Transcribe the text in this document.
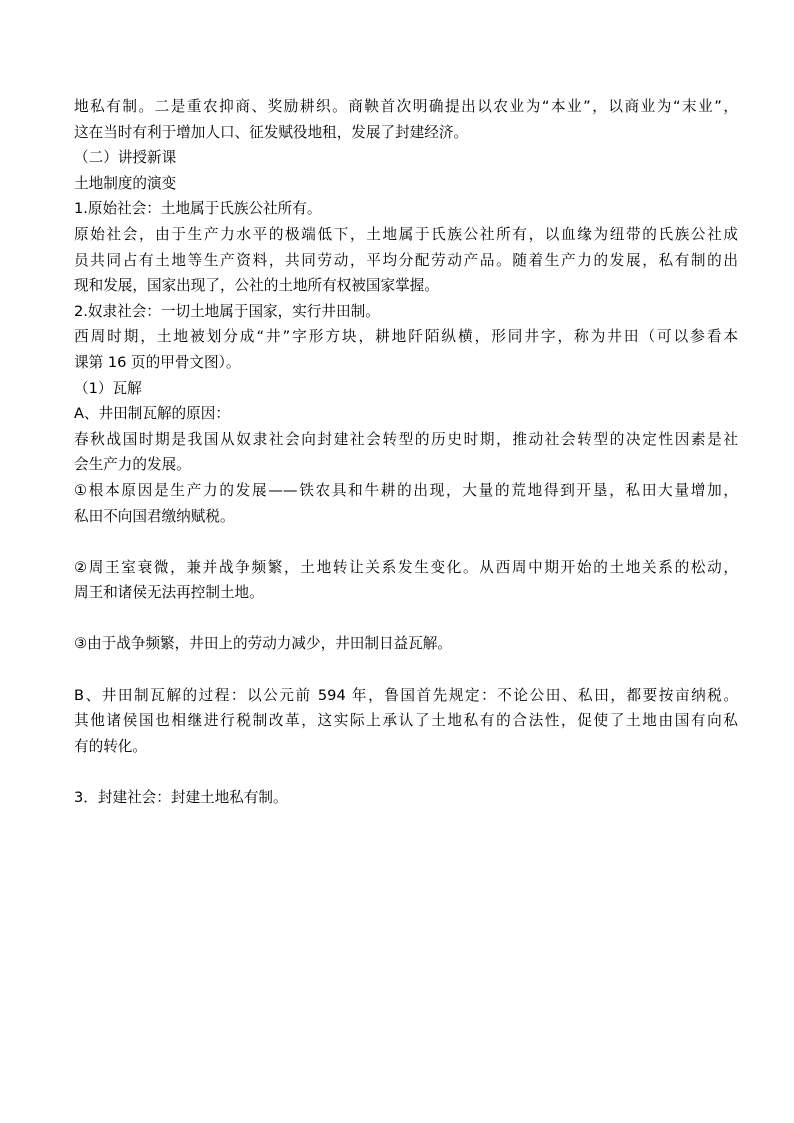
地私有制。二是重农抑商、奖励耕织。商鞅首次明确提出以农业为“本业”，以商业为“末业”，
这在当时有利于增加人口、征发赋役地租，发展了封建经济。
（二）讲授新课
土地制度的演变
1.原始社会：土地属于氏族公社所有。
原始社会，由于生产力水平的极端低下，土地属于氏族公社所有，以血缘为纽带的氏族公社成
员共同占有土地等生产资料，共同劳动，平均分配劳动产品。随着生产力的发展，私有制的出
现和发展，国家出现了，公社的土地所有权被国家掌握。
2.奴隶社会：一切土地属于国家，实行井田制。
西周时期，土地被划分成“井”字形方块，耕地阡陌纵横，形同井字，称为井田（可以参看本
课第 16 页的甲骨文图）。
（1）瓦解
A、井田制瓦解的原因：
春秋战国时期是我国从奴隶社会向封建社会转型的历史时期，推动社会转型的决定性因素是社
会生产力的发展。
①根本原因是生产力的发展——铁农具和牛耕的出现，大量的荒地得到开垦，私田大量增加，
私田不向国君缴纳赋税。
②周王室衰微，兼并战争频繁，土地转让关系发生变化。从西周中期开始的土地关系的松动，
周王和诸侯无法再控制土地。
③由于战争频繁，井田上的劳动力减少，井田制日益瓦解。
B、井田制瓦解的过程：以公元前 594 年，鲁国首先规定：不论公田、私田，都要按亩纳税。
其他诸侯国也相继进行税制改革，这实际上承认了土地私有的合法性，促使了土地由国有向私
有的转化。
3．封建社会：封建土地私有制。
